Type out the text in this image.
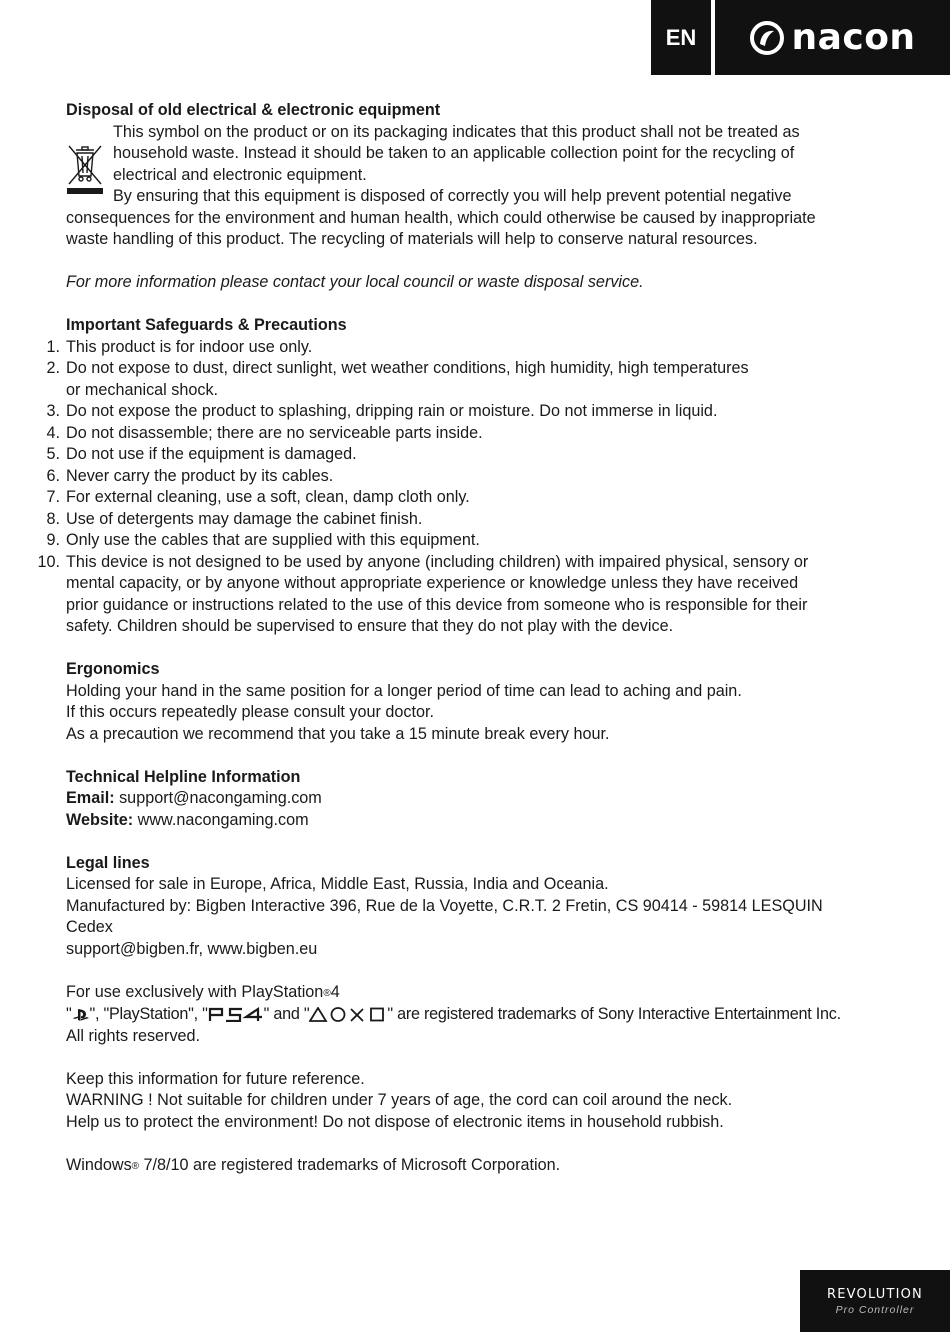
EN	nacon

Disposal of old electrical & electronic equipment

This symbol on the product or on its packaging indicates that this product shall not be treated as

household waste. Instead it should be taken to an applicable collection point for the recycling of

electrical and electronic equipment.

By ensuring that this equipment is disposed of correctly you will help prevent potential negative

consequences for the environment and human health, which could otherwise be caused by inappropriate

waste handling of this product. The recycling of materials will help to conserve natural resources.

For more information please contact your local council or waste disposal service.

Important Safeguards & Precautions

1. This product is for indoor use only.
2. Do not expose to dust, direct sunlight, wet weather conditions, high humidity, high temperatures
or mechanical shock.
3. Do not expose the product to splashing, dripping rain or moisture. Do not immerse in liquid.
4. Do not disassemble; there are no serviceable parts inside.
5. Do not use if the equipment is damaged.
6. Never carry the product by its cables.
7. For external cleaning, use a soft, clean, damp cloth only.
8. Use of detergents may damage the cabinet finish.
9. Only use the cables that are supplied with this equipment.
10. This device is not designed to be used by anyone (including children) with impaired physical, sensory or
mental capacity, or by anyone without appropriate experience or knowledge unless they have received
prior guidance or instructions related to the use of this device from someone who is responsible for their
safety. Children should be supervised to ensure that they do not play with the device.

Ergonomics

Holding your hand in the same position for a longer period of time can lead to aching and pain.

If this occurs repeatedly please consult your doctor.

As a precaution we recommend that you take a 15 minute break every hour.

Technical Helpline Information

Email: support@nacongaming.com

Website: www.nacongaming.com

Legal lines

Licensed for sale in Europe, Africa, Middle East, Russia, India and Oceania.

Manufactured by: Bigben Interactive 396, Rue de la Voyette, C.R.T. 2 Fretin, CS 90414 - 59814 LESQUIN

Cedex

support@bigben.fr, www.bigben.eu

For use exclusively with PlayStation®4

" ", "PlayStation", "	" and "	" are registered trademarks of Sony Interactive Entertainment Inc.

All rights reserved.

Keep this information for future reference.

WARNING ! Not suitable for children under 7 years of age, the cord can coil around the neck.

Help us to protect the environment! Do not dispose of electronic items in household rubbish.

Windows® 7/8/10 are registered trademarks of Microsoft Corporation.

REVOLUTION
Pro Controller
